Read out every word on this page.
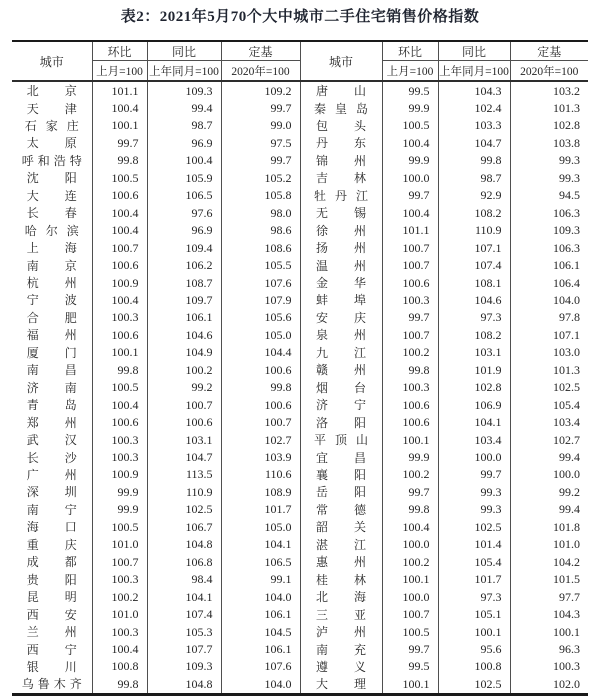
表2：2021年5月70个大中城市二手住宅销售价格指数
城市	环比	同比	定基	城市	环比	同比	定基
	上月=100	上年同月=100	2020年=100		上月=100	上年同月=100	2020年=100

北 京	101.1	109.3	109.2	唐 山	99.5	104.3	103.2

天 津	100.4	99.4	99.7	秦 皇 岛	99.9	102.4	101.3

石 家 庄	100.1	98.7	99.0	包 头	100.5	103.3	102.8

太 原	99.7	96.9	97.5	丹 东	100.4	104.7	103.8

呼 和 浩 特	99.8	100.4	99.7	锦 州	99.9	99.8	99.3

沈 阳	100.5	105.9	105.2	吉 林	100.0	98.7	99.3

大 连	100.6	106.5	105.8	牡 丹 江	99.7	92.9	94.5

长 春	100.4	97.6	98.0	无 锡	100.4	108.2	106.3

哈 尔 滨	100.4	96.9	98.6	徐 州	101.1	110.9	109.3

上 海	100.7	109.4	108.6	扬 州	100.7	107.1	106.3

南 京	100.6	106.2	105.5	温 州	100.7	107.4	106.1

杭 州	100.9	108.7	107.6	金 华	100.6	108.1	106.4

宁 波	100.4	109.7	107.9	蚌 埠	100.3	104.6	104.0

合 肥	100.3	106.1	105.6	安 庆	99.7	97.3	97.8

福 州	100.6	104.6	105.0	泉 州	100.7	108.2	107.1

厦 门	100.1	104.9	104.4	九 江	100.2	103.1	103.0

南 昌	99.8	100.2	100.6	赣 州	99.8	101.9	101.3

济 南	100.5	99.2	99.8	烟 台	100.3	102.8	102.5

青 岛	100.4	100.7	100.6	济 宁	100.6	106.9	105.4

郑 州	100.6	100.6	100.7	洛 阳	100.6	104.1	103.4

武 汉	100.3	103.1	102.7	平 顶 山	100.1	103.4	102.7

长 沙	100.3	104.7	103.9	宜 昌	99.9	100.0	99.4

广 州	100.9	113.5	110.6	襄 阳	100.2	99.7	100.0

深 圳	99.9	110.9	108.9	岳 阳	99.7	99.3	99.2

南 宁	99.9	102.5	101.7	常 德	99.8	99.3	99.4

海 口	100.5	106.7	105.0	韶 关	100.4	102.5	101.8

重 庆	101.0	104.8	104.1	湛 江	100.0	101.4	101.0

成 都	100.7	106.8	106.5	惠 州	100.2	105.4	104.2

贵 阳	100.3	98.4	99.1	桂 林	100.1	101.7	101.5

昆 明	100.2	104.1	104.0	北 海	100.0	97.3	97.7

西 安	101.0	107.4	106.1	三 亚	100.7	105.1	104.3

兰 州	100.3	105.3	104.5	泸 州	100.5	100.1	100.1

西 宁	100.4	107.7	106.1	南 充	99.7	95.6	96.3

银 川	100.8	109.3	107.6	遵 义	99.5	100.8	100.3

乌 鲁 木 齐	99.8	104.8	104.0	大 理	100.1	102.5	102.0
